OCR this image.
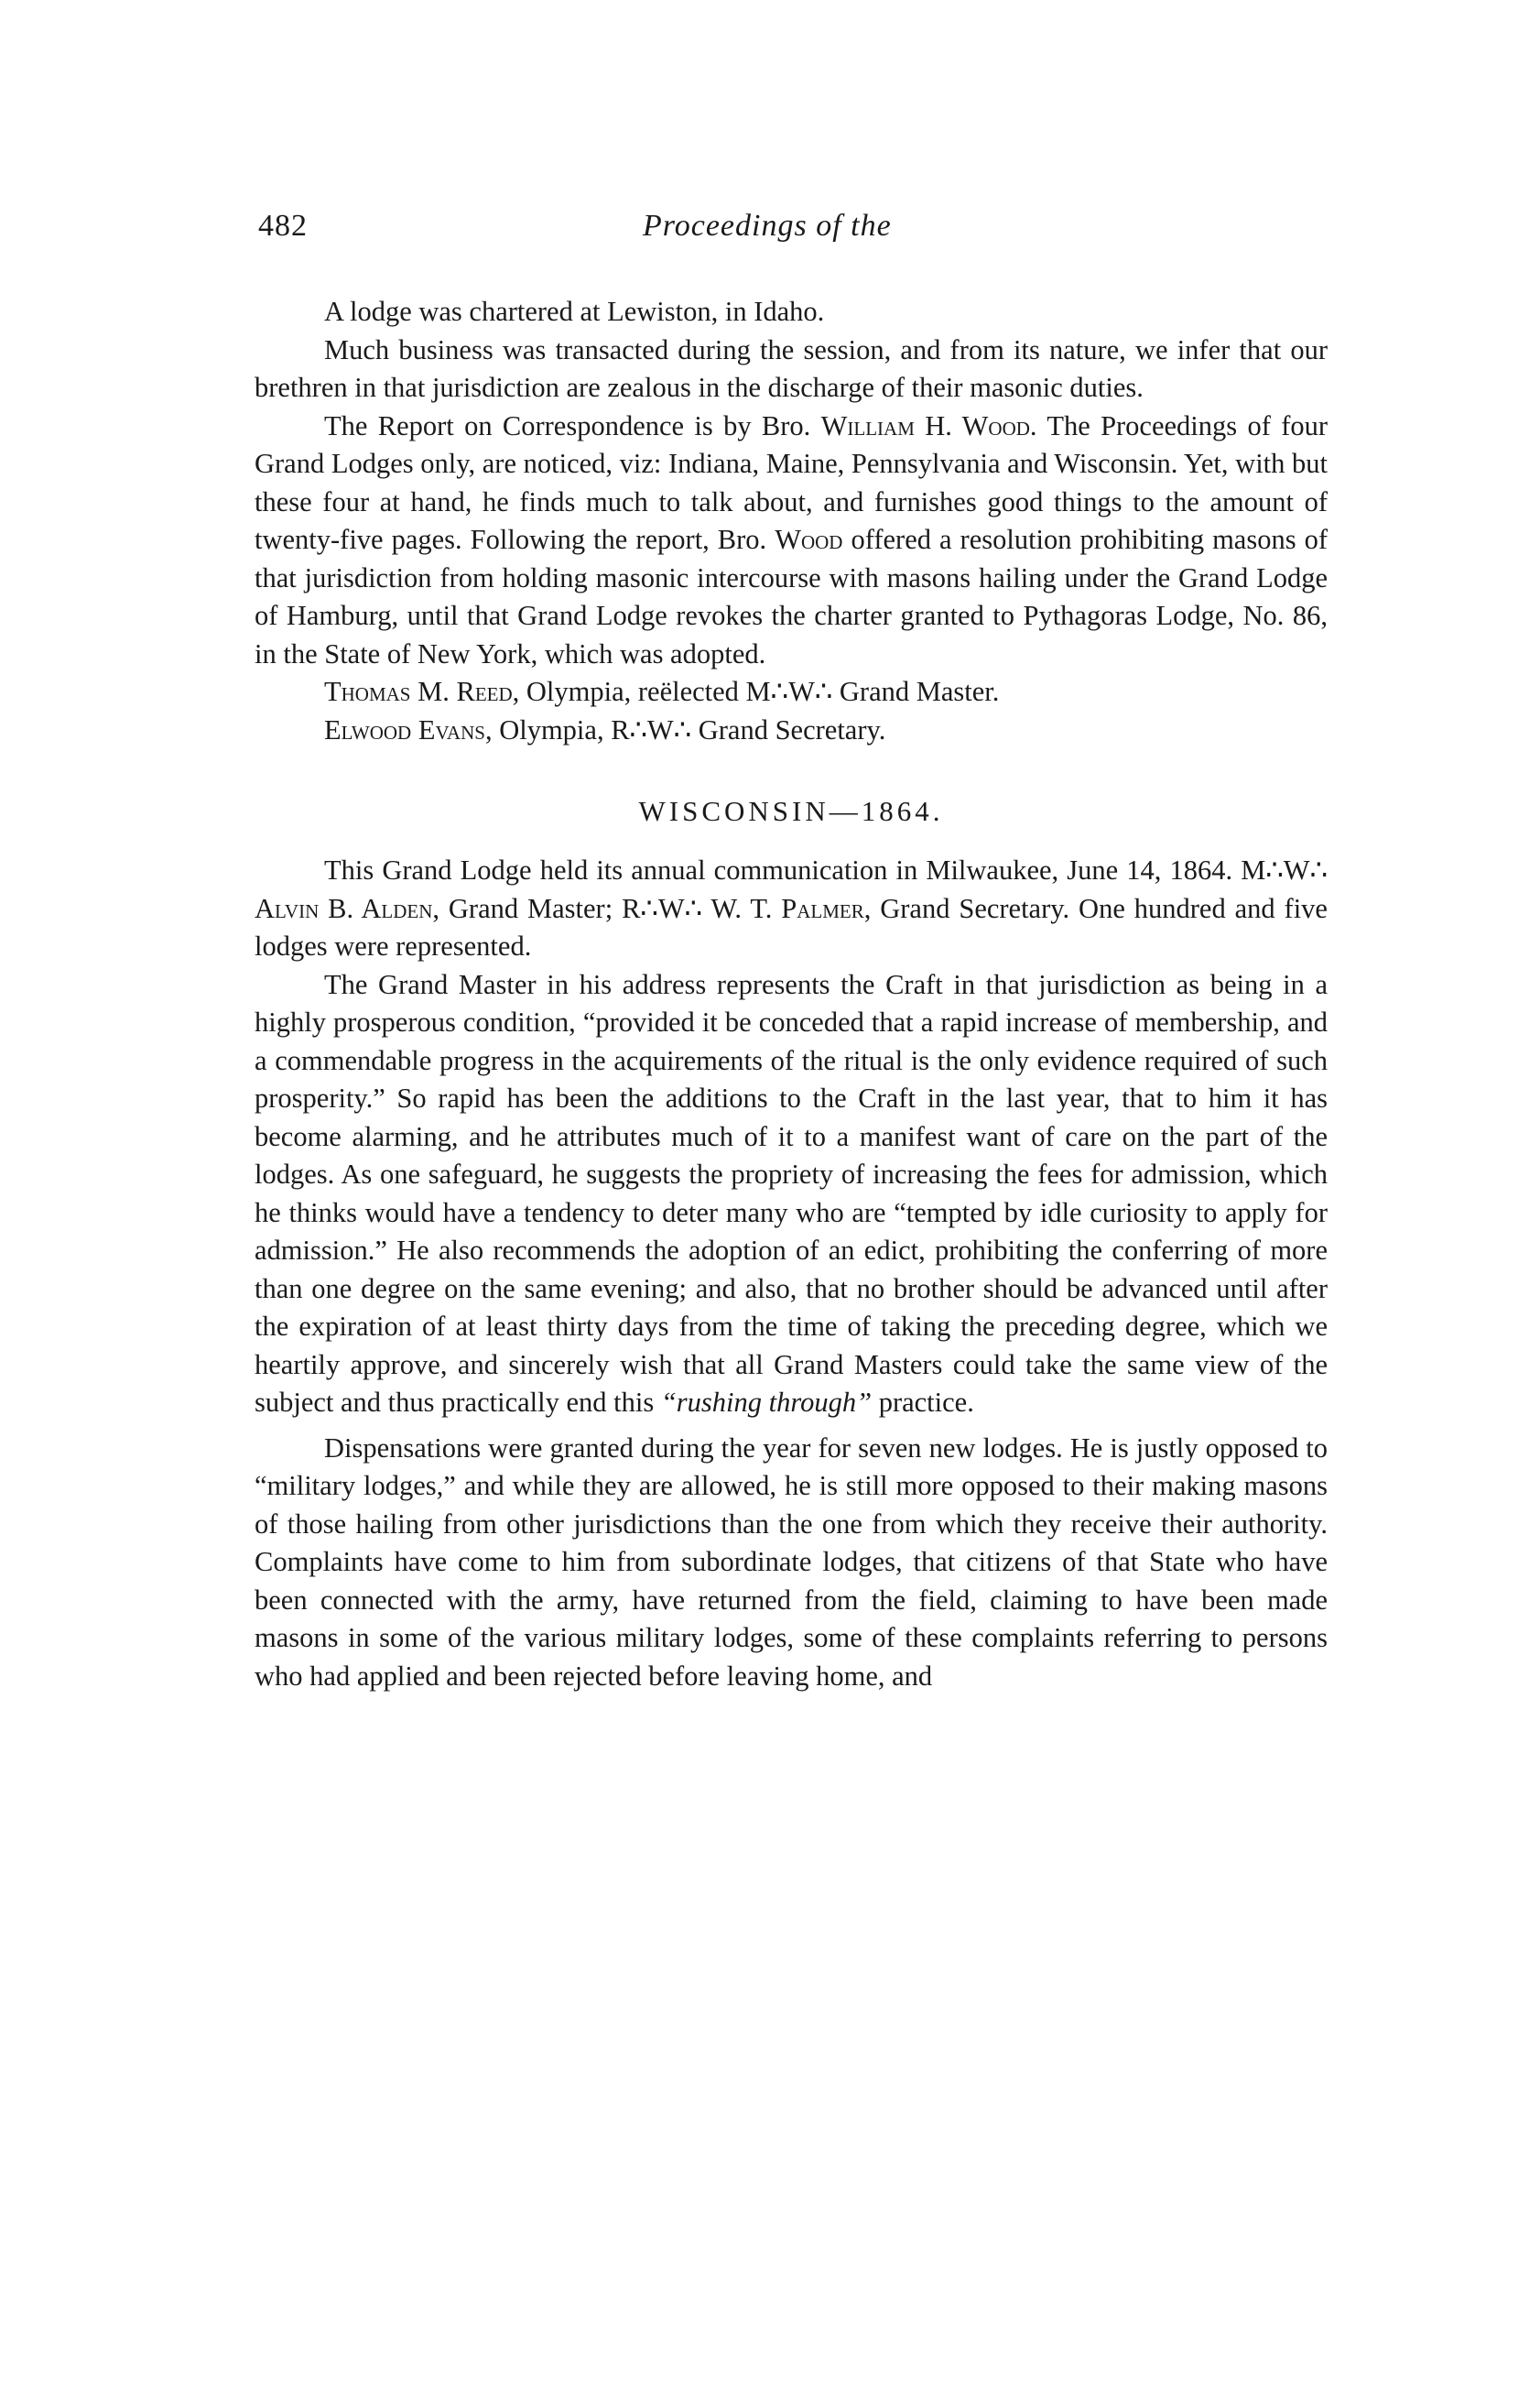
482	Proceedings of the

A lodge was chartered at Lewiston, in Idaho.

Much business was transacted during the session, and from its nature, we infer that our brethren in that jurisdiction are zealous in the discharge of their masonic duties.

The Report on Correspondence is by Bro. William H. Wood. The Proceedings of four Grand Lodges only, are noticed, viz: Indiana, Maine, Pennsylvania and Wisconsin. Yet, with but these four at hand, he finds much to talk about, and furnishes good things to the amount of twenty-five pages. Following the report, Bro. Wood offered a resolution prohibiting masons of that jurisdiction from holding masonic intercourse with masons hailing under the Grand Lodge of Hamburg, until that Grand Lodge revokes the charter granted to Pythagoras Lodge, No. 86, in the State of New York, which was adopted.

Thomas M. Reed, Olympia, reëlected M∴W∴ Grand Master.

Elwood Evans, Olympia, R∴W∴ Grand Secretary.

WISCONSIN—1864.

This Grand Lodge held its annual communication in Milwaukee, June 14, 1864. M∴W∴ Alvin B. Alden, Grand Master; R∴W∴ W. T. Palmer, Grand Secretary. One hundred and five lodges were represented.

The Grand Master in his address represents the Craft in that jurisdiction as being in a highly prosperous condition, “provided it be conceded that a rapid increase of membership, and a commendable progress in the acquirements of the ritual is the only evidence required of such prosperity.” So rapid has been the additions to the Craft in the last year, that to him it has become alarming, and he attributes much of it to a manifest want of care on the part of the lodges. As one safeguard, he suggests the propriety of increasing the fees for admission, which he thinks would have a tendency to deter many who are “tempted by idle curiosity to apply for admission.” He also recommends the adoption of an edict, prohibiting the conferring of more than one degree on the same evening; and also, that no brother should be advanced until after the expiration of at least thirty days from the time of taking the preceding degree, which we heartily approve, and sincerely wish that all Grand Masters could take the same view of the subject and thus practically end this “rushing through” practice.

Dispensations were granted during the year for seven new lodges. He is justly opposed to “military lodges,” and while they are allowed, he is still more opposed to their making masons of those hailing from other jurisdictions than the one from which they receive their authority. Complaints have come to him from subordinate lodges, that citizens of that State who have been connected with the army, have returned from the field, claiming to have been made masons in some of the various military lodges, some of these complaints referring to persons who had applied and been rejected before leaving home, and
